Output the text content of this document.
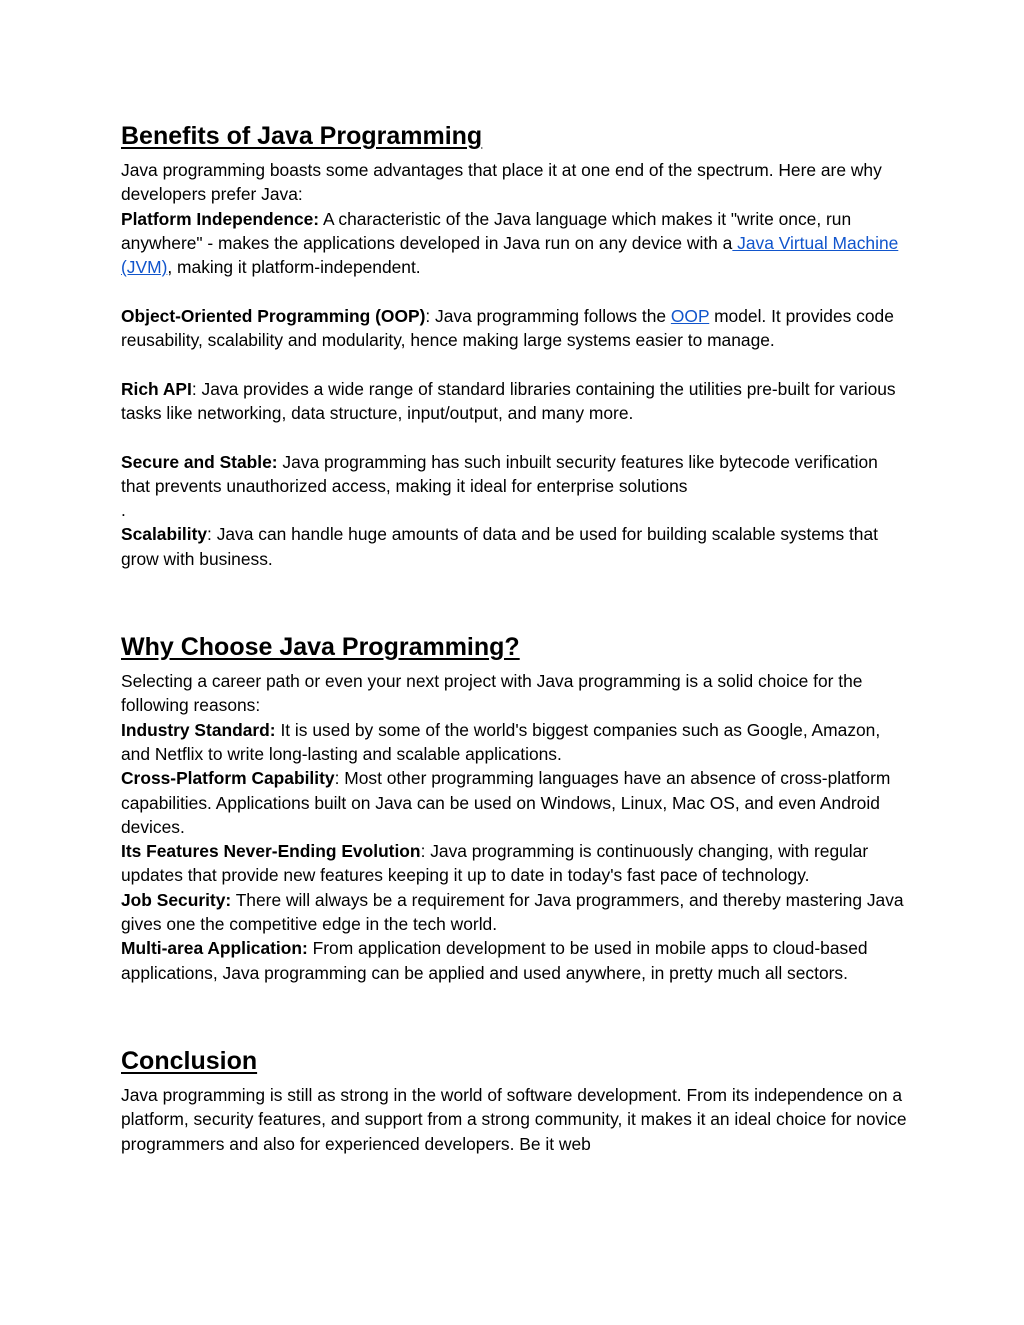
Benefits of Java Programming

Java programming boasts some advantages that place it at one end of the spectrum. Here are why developers prefer Java:

Platform Independence: A characteristic of the Java language which makes it "write once, run anywhere" - makes the applications developed in Java run on any device with a Java Virtual Machine (JVM), making it platform-independent.

Object-Oriented Programming (OOP): Java programming follows the OOP model. It provides code reusability, scalability and modularity, hence making large systems easier to manage.

Rich API: Java provides a wide range of standard libraries containing the utilities pre-built for various tasks like networking, data structure, input/output, and many more.

Secure and Stable: Java programming has such inbuilt security features like bytecode verification that prevents unauthorized access, making it ideal for enterprise solutions

.

Scalability: Java can handle huge amounts of data and be used for building scalable systems that grow with business.

Why Choose Java Programming?

Selecting a career path or even your next project with Java programming is a solid choice for the following reasons:

Industry Standard: It is used by some of the world's biggest companies such as Google, Amazon, and Netflix to write long-lasting and scalable applications.

Cross-Platform Capability: Most other programming languages have an absence of cross-platform capabilities. Applications built on Java can be used on Windows, Linux, Mac OS, and even Android devices.

Its Features Never-Ending Evolution: Java programming is continuously changing, with regular updates that provide new features keeping it up to date in today's fast pace of technology.

Job Security: There will always be a requirement for Java programmers, and thereby mastering Java gives one the competitive edge in the tech world.

Multi-area Application: From application development to be used in mobile apps to cloud-based applications, Java programming can be applied and used anywhere, in pretty much all sectors.

Conclusion

Java programming is still as strong in the world of software development. From its independence on a platform, security features, and support from a strong community, it makes it an ideal choice for novice programmers and also for experienced developers. Be it web
